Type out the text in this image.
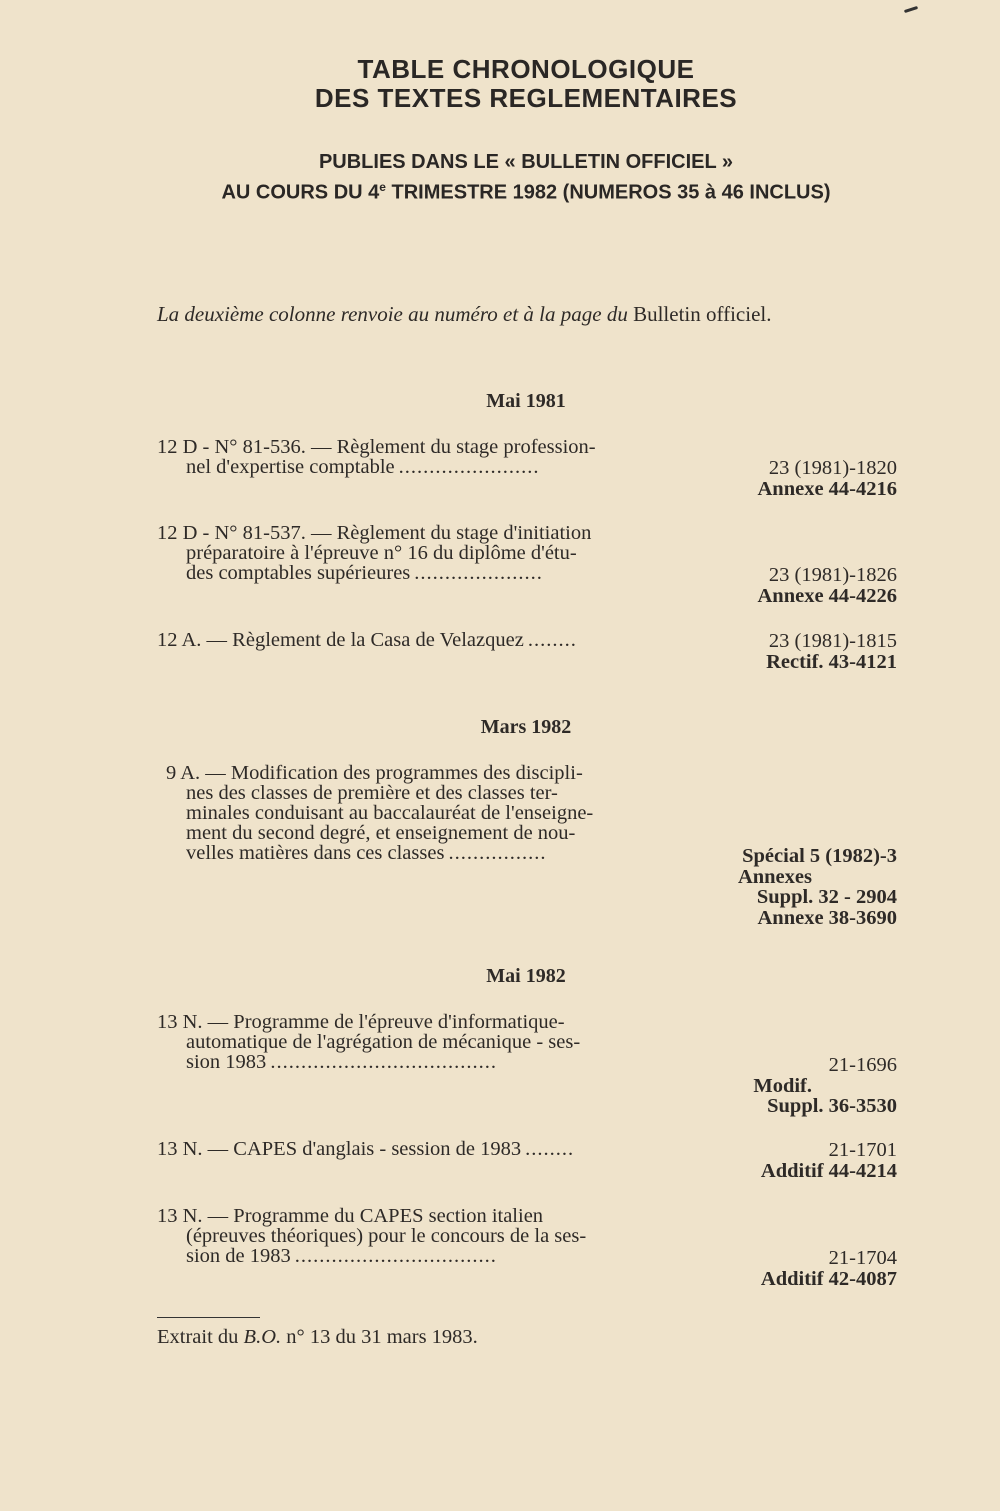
TABLE CHRONOLOGIQUE
DES TEXTES REGLEMENTAIRES
PUBLIES DANS LE « BULLETIN OFFICIEL »
AU COURS DU 4e TRIMESTRE 1982 (NUMEROS 35 à 46 INCLUS)
La deuxième colonne renvoie au numéro et à la page du Bulletin officiel.
Mai 1981
12 D - N° 81-536. — Règlement du stage profession-
nel d'expertise comptable .......................	23 (1981)-1820
Annexe 44-4216
12 D - N° 81-537. — Règlement du stage d'initiation
préparatoire à l'épreuve n° 16 du diplôme d'étu-
des comptables supérieures .....................	23 (1981)-1826
Annexe 44-4226
12 A. — Règlement de la Casa de Velazquez ........	23 (1981)-1815
Rectif. 43-4121
Mars 1982
9 A. — Modification des programmes des discipli-
nes des classes de première et des classes ter-
minales conduisant au baccalauréat de l'enseigne-
ment du second degré, et enseignement de nou-
velles matières dans ces classes ................	Spécial 5 (1982)-3
Annexes
Suppl. 32 - 2904
Annexe 38-3690
Mai 1982
13 N. — Programme de l'épreuve d'informatique-
automatique de l'agrégation de mécanique - ses-
sion 1983 .....................................	21-1696
Modif.
Suppl. 36-3530
13 N. — CAPES d'anglais - session de 1983 ........	21-1701
Additif 44-4214
13 N. — Programme du CAPES section italien
(épreuves théoriques) pour le concours de la ses-
sion de 1983 .................................	21-1704
Additif 42-4087
Extrait du B.O. n° 13 du 31 mars 1983.
